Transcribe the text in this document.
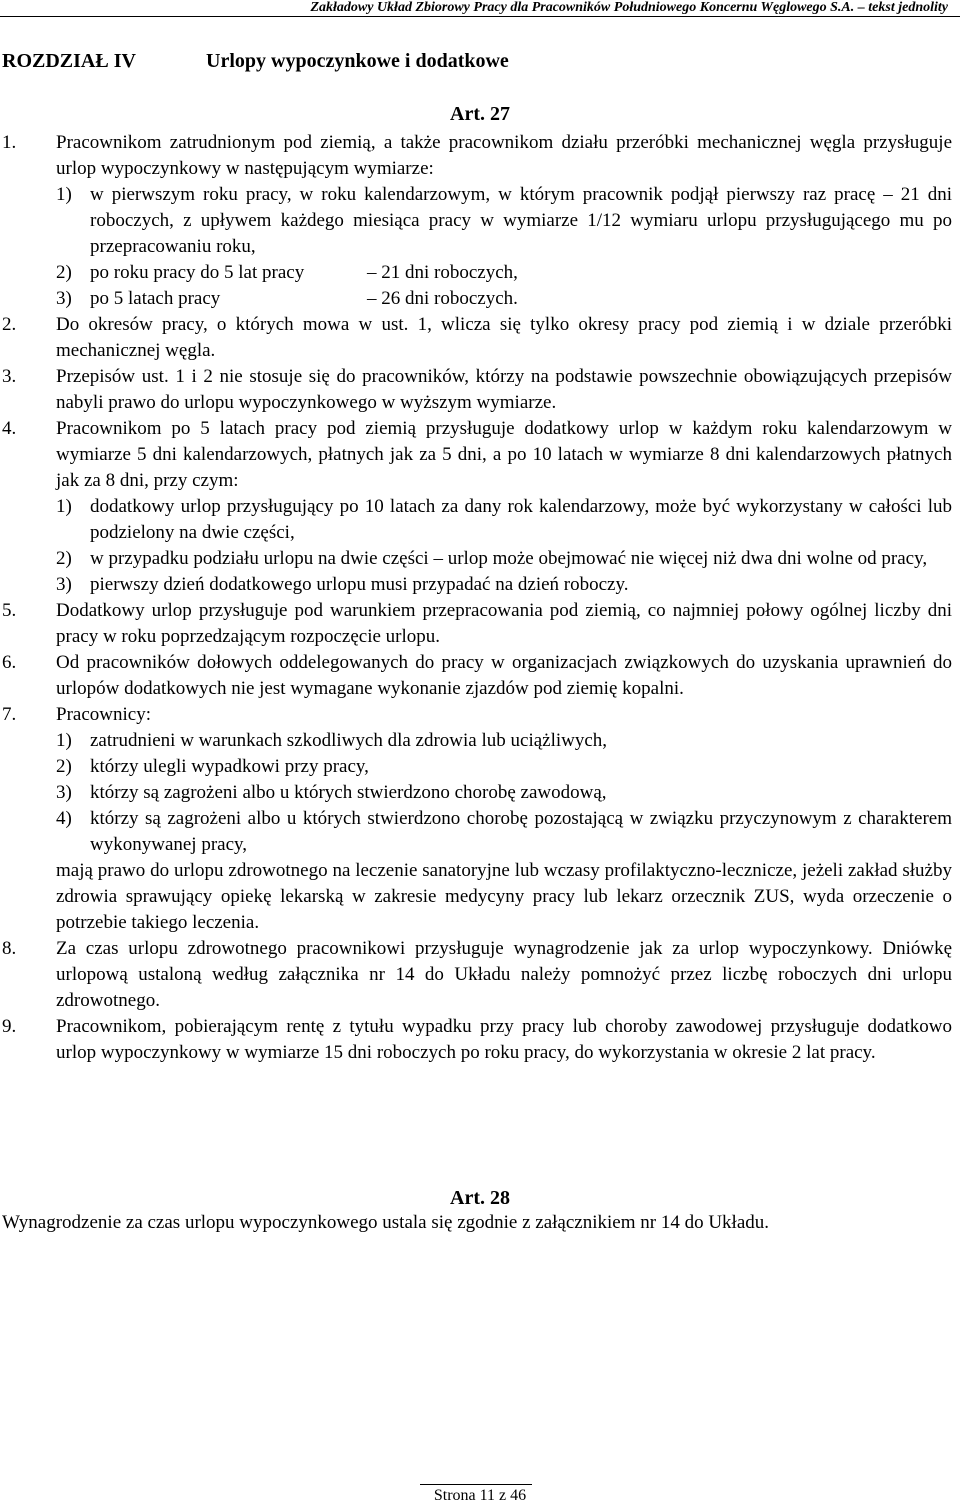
Zakładowy Układ Zbiorowy Pracy dla Pracowników Południowego Koncernu Węglowego S.A. – tekst jednolity
ROZDZIAŁ IV	Urlopy wypoczynkowe i dodatkowe
Art. 27
1.	Pracownikom zatrudnionym pod ziemią, a także pracownikom działu przeróbki mechanicznej węgla przysługuje urlop wypoczynkowy w następującym wymiarze:
1) w pierwszym roku pracy, w roku kalendarzowym, w którym pracownik podjął pierwszy raz pracę – 21 dni roboczych, z upływem każdego miesiąca pracy w wymiarze 1/12 wymiaru urlopu przysługującego mu po przepracowaniu roku,
2) po roku pracy do 5 lat pracy	– 21 dni roboczych,
3) po 5 latach pracy	– 26 dni roboczych.
2.	Do okresów pracy, o których mowa w ust. 1, wlicza się tylko okresy pracy pod ziemią i w dziale przeróbki mechanicznej węgla.
3.	Przepisów ust. 1 i 2 nie stosuje się do pracowników, którzy na podstawie powszechnie obowiązujących przepisów nabyli prawo do urlopu wypoczynkowego w wyższym wymiarze.
4.	Pracownikom po 5 latach pracy pod ziemią przysługuje dodatkowy urlop w każdym roku kalendarzowym w wymiarze 5 dni kalendarzowych, płatnych jak za 5 dni, a po 10 latach w wymiarze 8 dni kalendarzowych płatnych jak za 8 dni, przy czym:
1) dodatkowy urlop przysługujący po 10 latach za dany rok kalendarzowy, może być wykorzystany w całości lub podzielony na dwie części,
2) w przypadku podziału urlopu na dwie części – urlop może obejmować nie więcej niż dwa dni wolne od pracy,
3) pierwszy dzień dodatkowego urlopu musi przypadać na dzień roboczy.
5.	Dodatkowy urlop przysługuje pod warunkiem przepracowania pod ziemią, co najmniej połowy ogólnej liczby dni pracy w roku poprzedzającym rozpoczęcie urlopu.
6.	Od pracowników dołowych oddelegowanych do pracy w organizacjach związkowych do uzyskania uprawnień do urlopów dodatkowych nie jest wymagane wykonanie zjazdów pod ziemię kopalni.
7.	Pracownicy:
1) zatrudnieni w warunkach szkodliwych dla zdrowia lub uciążliwych,
2) którzy ulegli wypadkowi przy pracy,
3) którzy są zagrożeni albo u których stwierdzono chorobę zawodową,
4) którzy są zagrożeni albo u których stwierdzono chorobę pozostającą w związku przyczynowym z charakterem wykonywanej pracy,
mają prawo do urlopu zdrowotnego na leczenie sanatoryjne lub wczasy profilaktyczno-lecznicze, jeżeli zakład służby zdrowia sprawujący opiekę lekarską w zakresie medycyny pracy lub lekarz orzecznik ZUS, wyda orzeczenie o potrzebie takiego leczenia.
8.	Za czas urlopu zdrowotnego pracownikowi przysługuje wynagrodzenie jak za urlop wypoczynkowy. Dniówkę urlopową ustaloną według załącznika nr 14 do Układu należy pomnożyć przez liczbę roboczych dni urlopu zdrowotnego.
9.	Pracownikom, pobierającym rentę z tytułu wypadku przy pracy lub choroby zawodowej przysługuje dodatkowo urlop wypoczynkowy w wymiarze 15 dni roboczych po roku pracy, do wykorzystania w okresie 2 lat pracy.
Art. 28
Wynagrodzenie za czas urlopu wypoczynkowego ustala się zgodnie z załącznikiem nr 14 do Układu.
Strona 11 z 46
